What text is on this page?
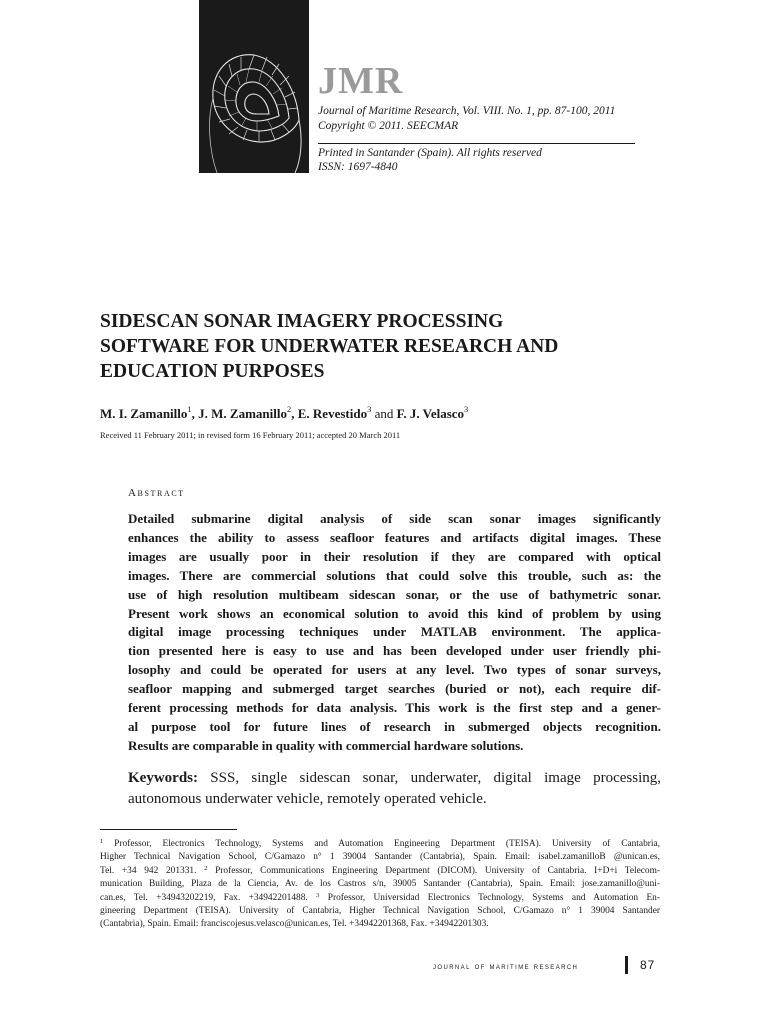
JMR
Journal of Maritime Research, Vol. VIII. No. 1, pp. 87-100, 2011
Copyright © 2011. SEECMAR
Printed in Santander (Spain). All rights reserved
ISSN: 1697-4840
SIDESCAN SONAR IMAGERY PROCESSING
SOFTWARE FOR UNDERWATER RESEARCH AND
EDUCATION PURPOSES
M. I. Zamanillo$^1$, J. M. Zamanillo$^2$, E. Revestido$^3$ and F. J. Velasco$^3$
Received 11 February 2011; in revised form 16 February 2011; accepted 20 March 2011
Abstract
Detailed submarine digital analysis of side scan sonar images significantly
enhances the ability to assess seafloor features and artifacts digital images. These
images are usually poor in their resolution if they are compared with optical
images. There are commercial solutions that could solve this trouble, such as: the
use of high resolution multibeam sidescan sonar, or the use of bathymetric sonar.
Present work shows an economical solution to avoid this kind of problem by using
digital image processing techniques under MATLAB environment. The applica-
tion presented here is easy to use and has been developed under user friendly phi-
losophy and could be operated for users at any level. Two types of sonar surveys,
seafloor mapping and submerged target searches (buried or not), each require dif-
ferent processing methods for data analysis. This work is the first step and a gener-
al purpose tool for future lines of research in submerged objects recognition.
Results are comparable in quality with commercial hardware solutions.
Keywords: SSS, single sidescan sonar, underwater, digital image processing,
autonomous underwater vehicle, remotely operated vehicle.
$^1$ Professor, Electronics Technology, Systems and Automation Engineering Department (TEISA). University of Cantabria,
Higher Technical Navigation School, C/Gamazo n° 1 39004 Santander (Cantabria), Spain. Email: isabel.zamanilloB @unican.es,
Tel. +34 942 201331. $^2$ Professor, Communications Engineering Department (DICOM). University of Cantabria. I+D+i Telecom-
munication Building, Plaza de la Ciencia, Av. de los Castros s/n, 39005 Santander (Cantabria), Spain. Email: jose.zamanillo@uni-
can.es, Tel. +34943202219, Fax. +34942201488. $^3$ Professor, Universidad Electronics Technology, Systems and Automation En-
gineering Department (TEISA). University of Cantabria, Higher Technical Navigation School, C/Gamazo n° 1 39004 Santander
(Cantabria), Spain. Email: franciscojesus.velasco@unican.es, Tel. +34942201368, Fax. +34942201303.
journal of maritime research	87
